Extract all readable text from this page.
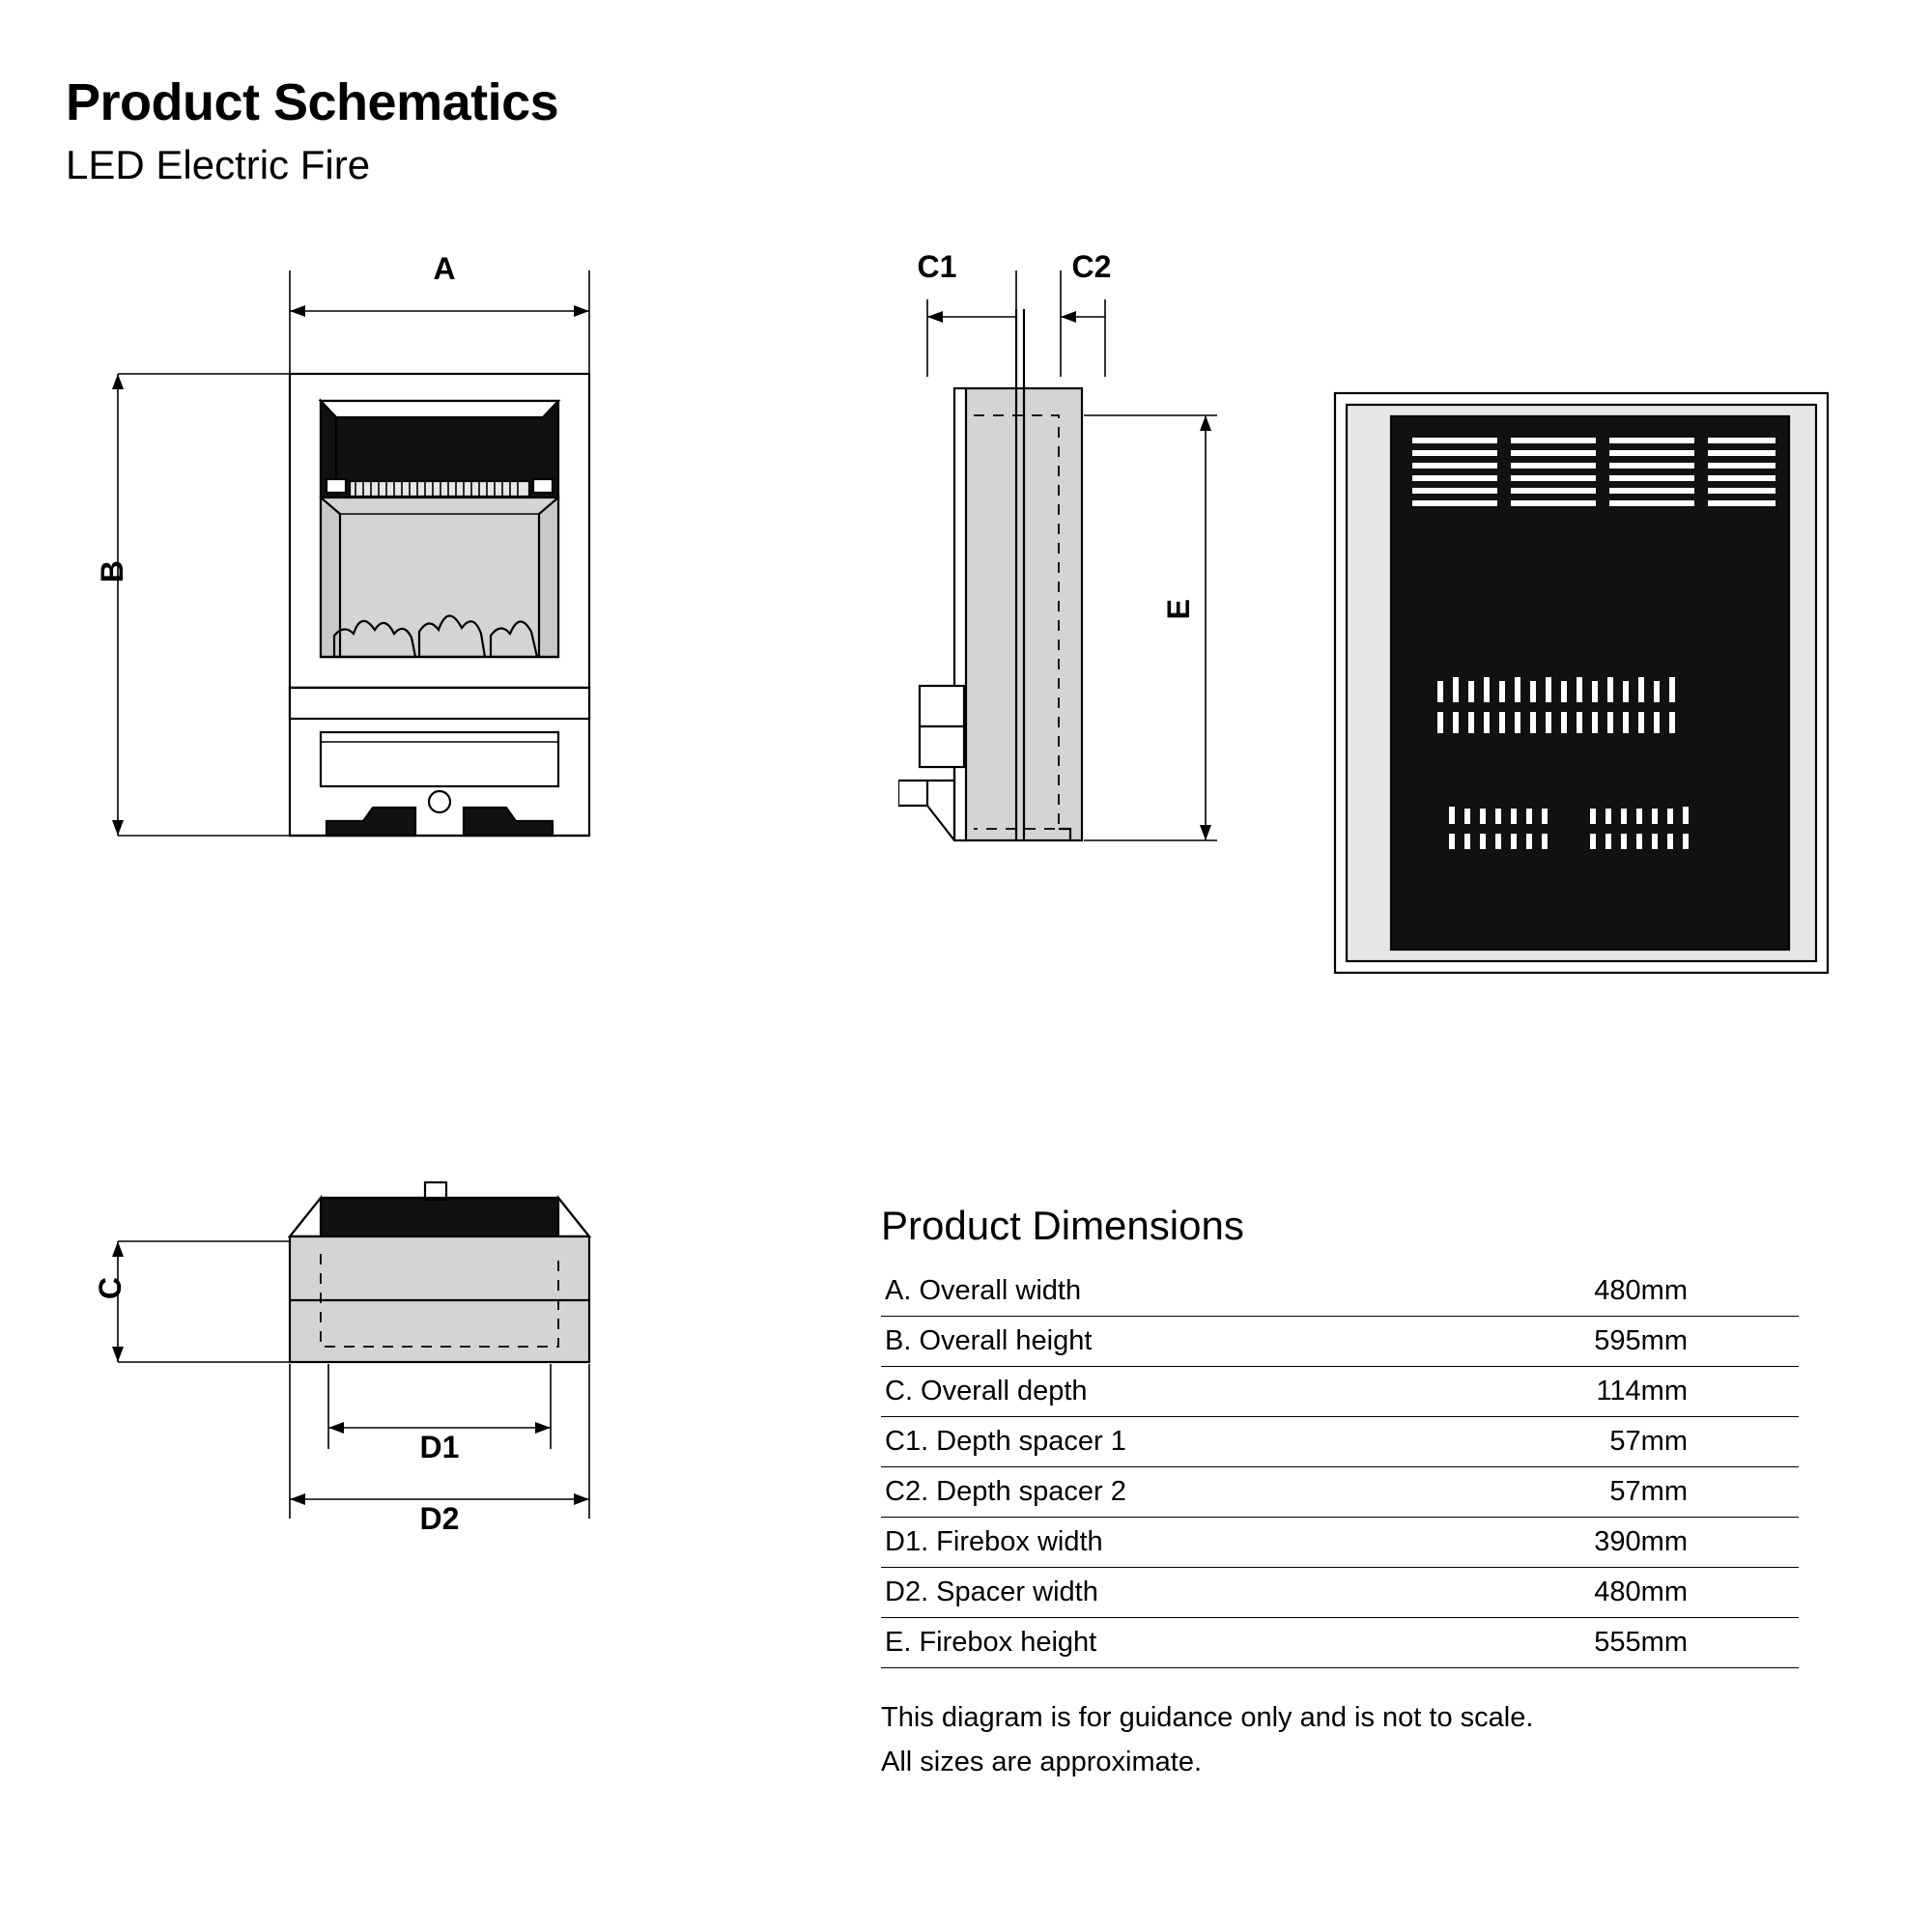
Product Schematics
LED Electric Fire
A
B
C1	C2
E
C
D1
D2
Product Dimensions
A. Overall width	480mm
B. Overall height	595mm
C. Overall depth	114mm
C1. Depth spacer 1	57mm
C2. Depth spacer 2	57mm
D1. Firebox width	390mm
D2. Spacer width	480mm
E. Firebox height	555mm
This diagram is for guidance only and is not to scale.
All sizes are approximate.
